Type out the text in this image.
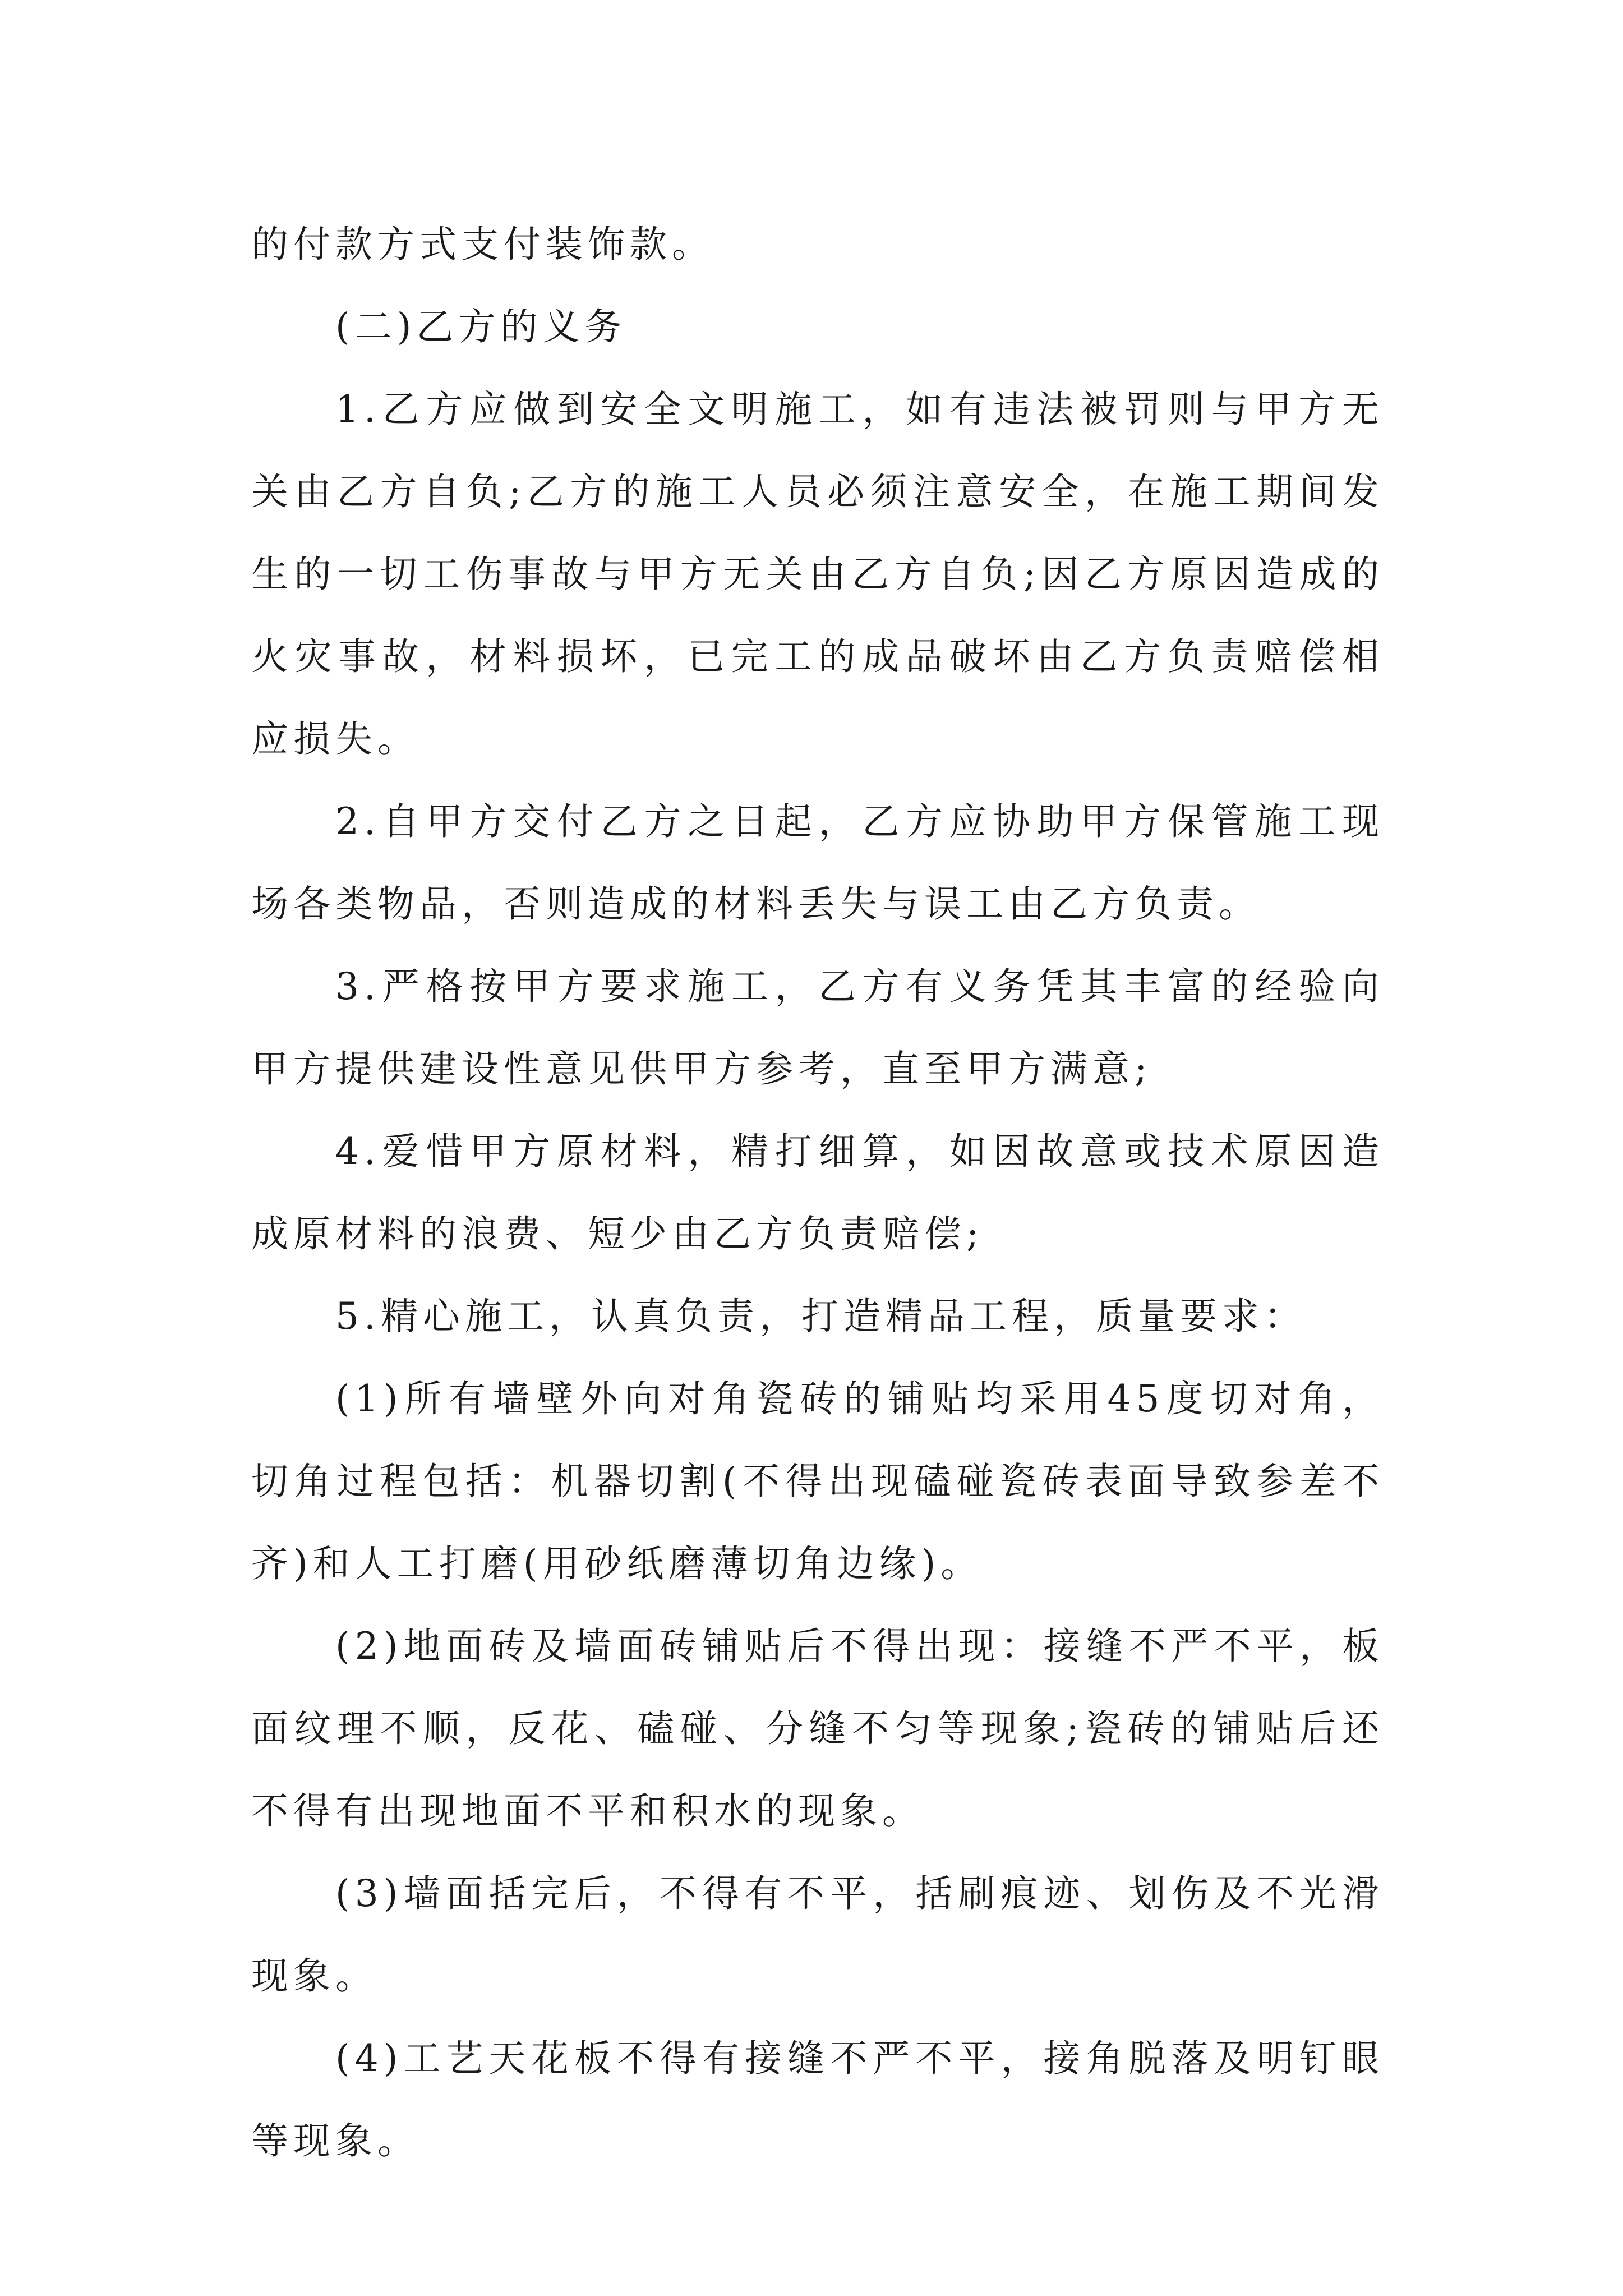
的付款方式支付装饰款。

(二)乙方的义务

1.乙方应做到安全文明施工，如有违法被罚则与甲方无关由乙方自负;乙方的施工人员必须注意安全，在施工期间发生的一切工伤事故与甲方无关由乙方自负;因乙方原因造成的火灾事故，材料损坏，已完工的成品破坏由乙方负责赔偿相应损失。

2.自甲方交付乙方之日起，乙方应协助甲方保管施工现场各类物品，否则造成的材料丢失与误工由乙方负责。

3.严格按甲方要求施工，乙方有义务凭其丰富的经验向甲方提供建设性意见供甲方参考，直至甲方满意;

4.爱惜甲方原材料，精打细算，如因故意或技术原因造成原材料的浪费、短少由乙方负责赔偿;

5.精心施工，认真负责，打造精品工程，质量要求：

(1)所有墙壁外向对角瓷砖的铺贴均采用45度切对角，切角过程包括：机器切割(不得出现磕碰瓷砖表面导致参差不齐)和人工打磨(用砂纸磨薄切角边缘)。

(2)地面砖及墙面砖铺贴后不得出现：接缝不严不平，板面纹理不顺，反花、磕碰、分缝不匀等现象;瓷砖的铺贴后还不得有出现地面不平和积水的现象。

(3)墙面括完后，不得有不平，括刷痕迹、划伤及不光滑现象。

(4)工艺天花板不得有接缝不严不平，接角脱落及明钉眼等现象。
